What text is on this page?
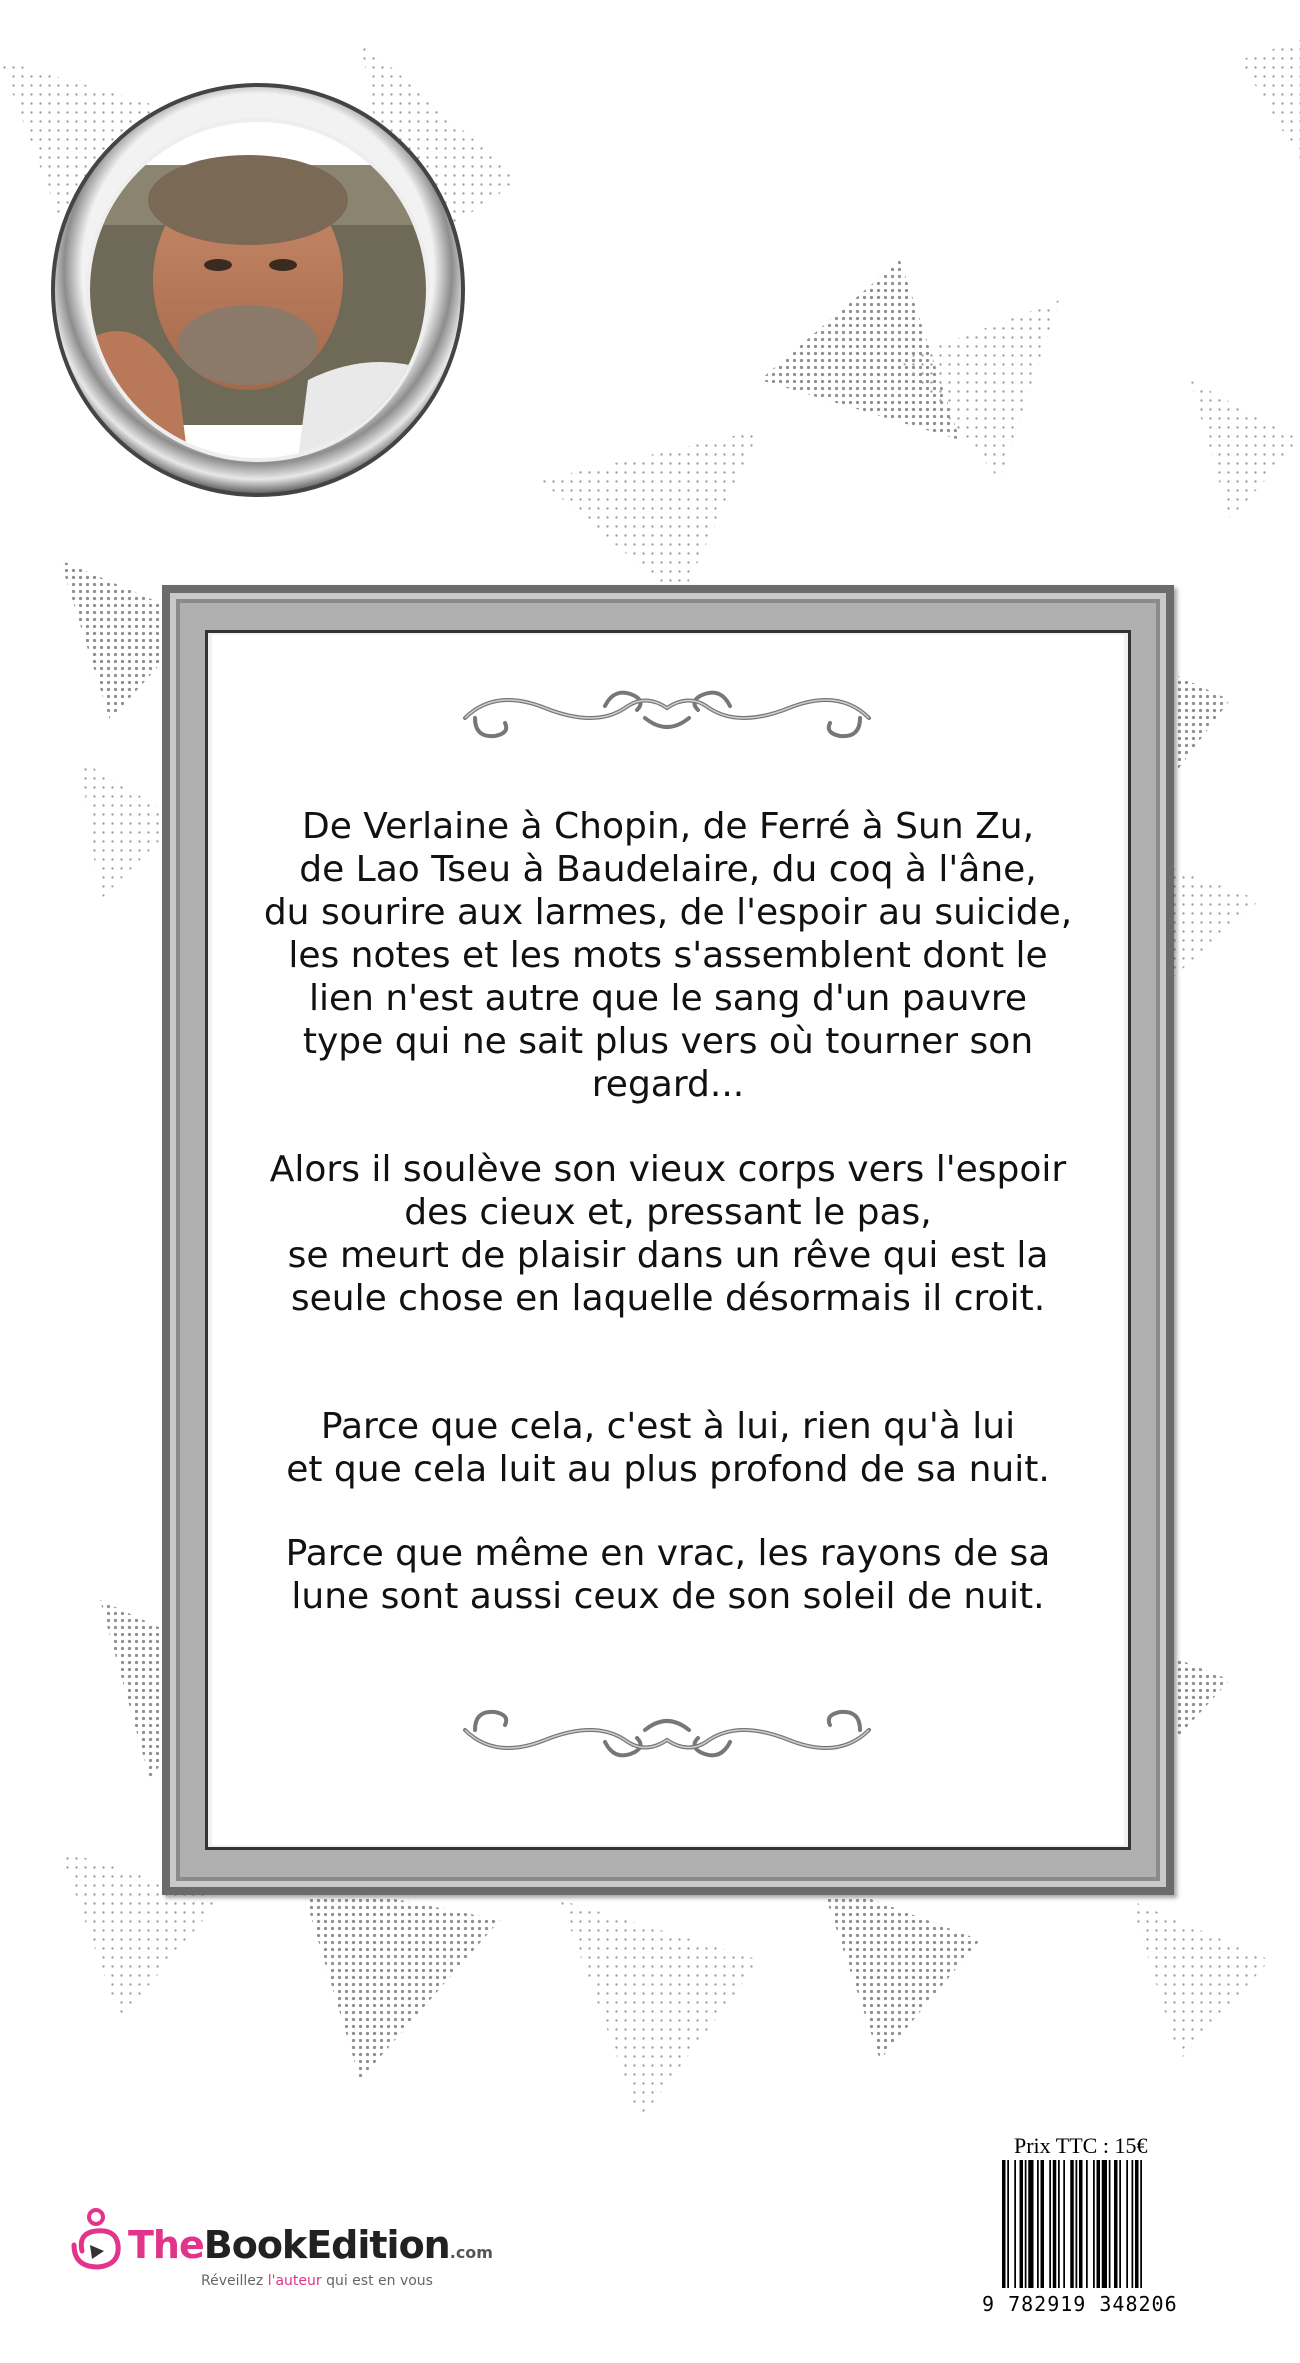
De Verlaine à Chopin, de Ferré à Sun Zu,
de Lao Tseu à Baudelaire, du coq à l'âne,
du sourire aux larmes, de l'espoir au suicide,
les notes et les mots s'assemblent dont le
lien n'est autre que le sang d'un pauvre
type qui ne sait plus vers où tourner son
regard...
Alors il soulève son vieux corps vers l'espoir
des cieux et, pressant le pas,
se meurt de plaisir dans un rêve qui est la
seule chose en laquelle désormais il croit.
Parce que cela, c'est à lui, rien qu'à lui
et que cela luit au plus profond de sa nuit.
Parce que même en vrac, les rayons de sa
lune sont aussi ceux de son soleil de nuit.
TheBookEdition.com
Réveillez l'auteur qui est en vous
Prix TTC : 15€
9 782919 348206
